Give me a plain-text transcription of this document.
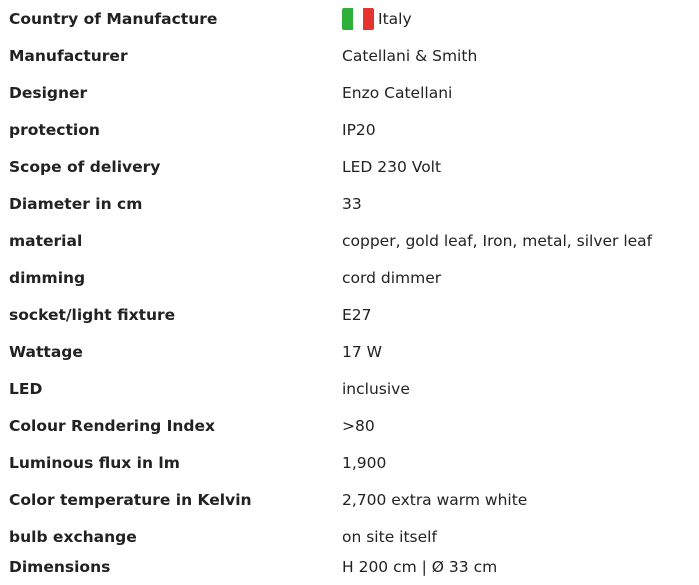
Country of Manufacture	Italy
Manufacturer	Catellani & Smith
Designer	Enzo Catellani
protection	IP20
Scope of delivery	LED 230 Volt
Diameter in cm	33
material	copper, gold leaf, Iron, metal, silver leaf
dimming	cord dimmer
socket/light fixture	E27
Wattage	17 W
LED	inclusive
Colour Rendering Index	>80
Luminous flux in lm	1,900
Color temperature in Kelvin	2,700 extra warm white
bulb exchange	on site itself
Dimensions	H 200 cm | Ø 33 cm
